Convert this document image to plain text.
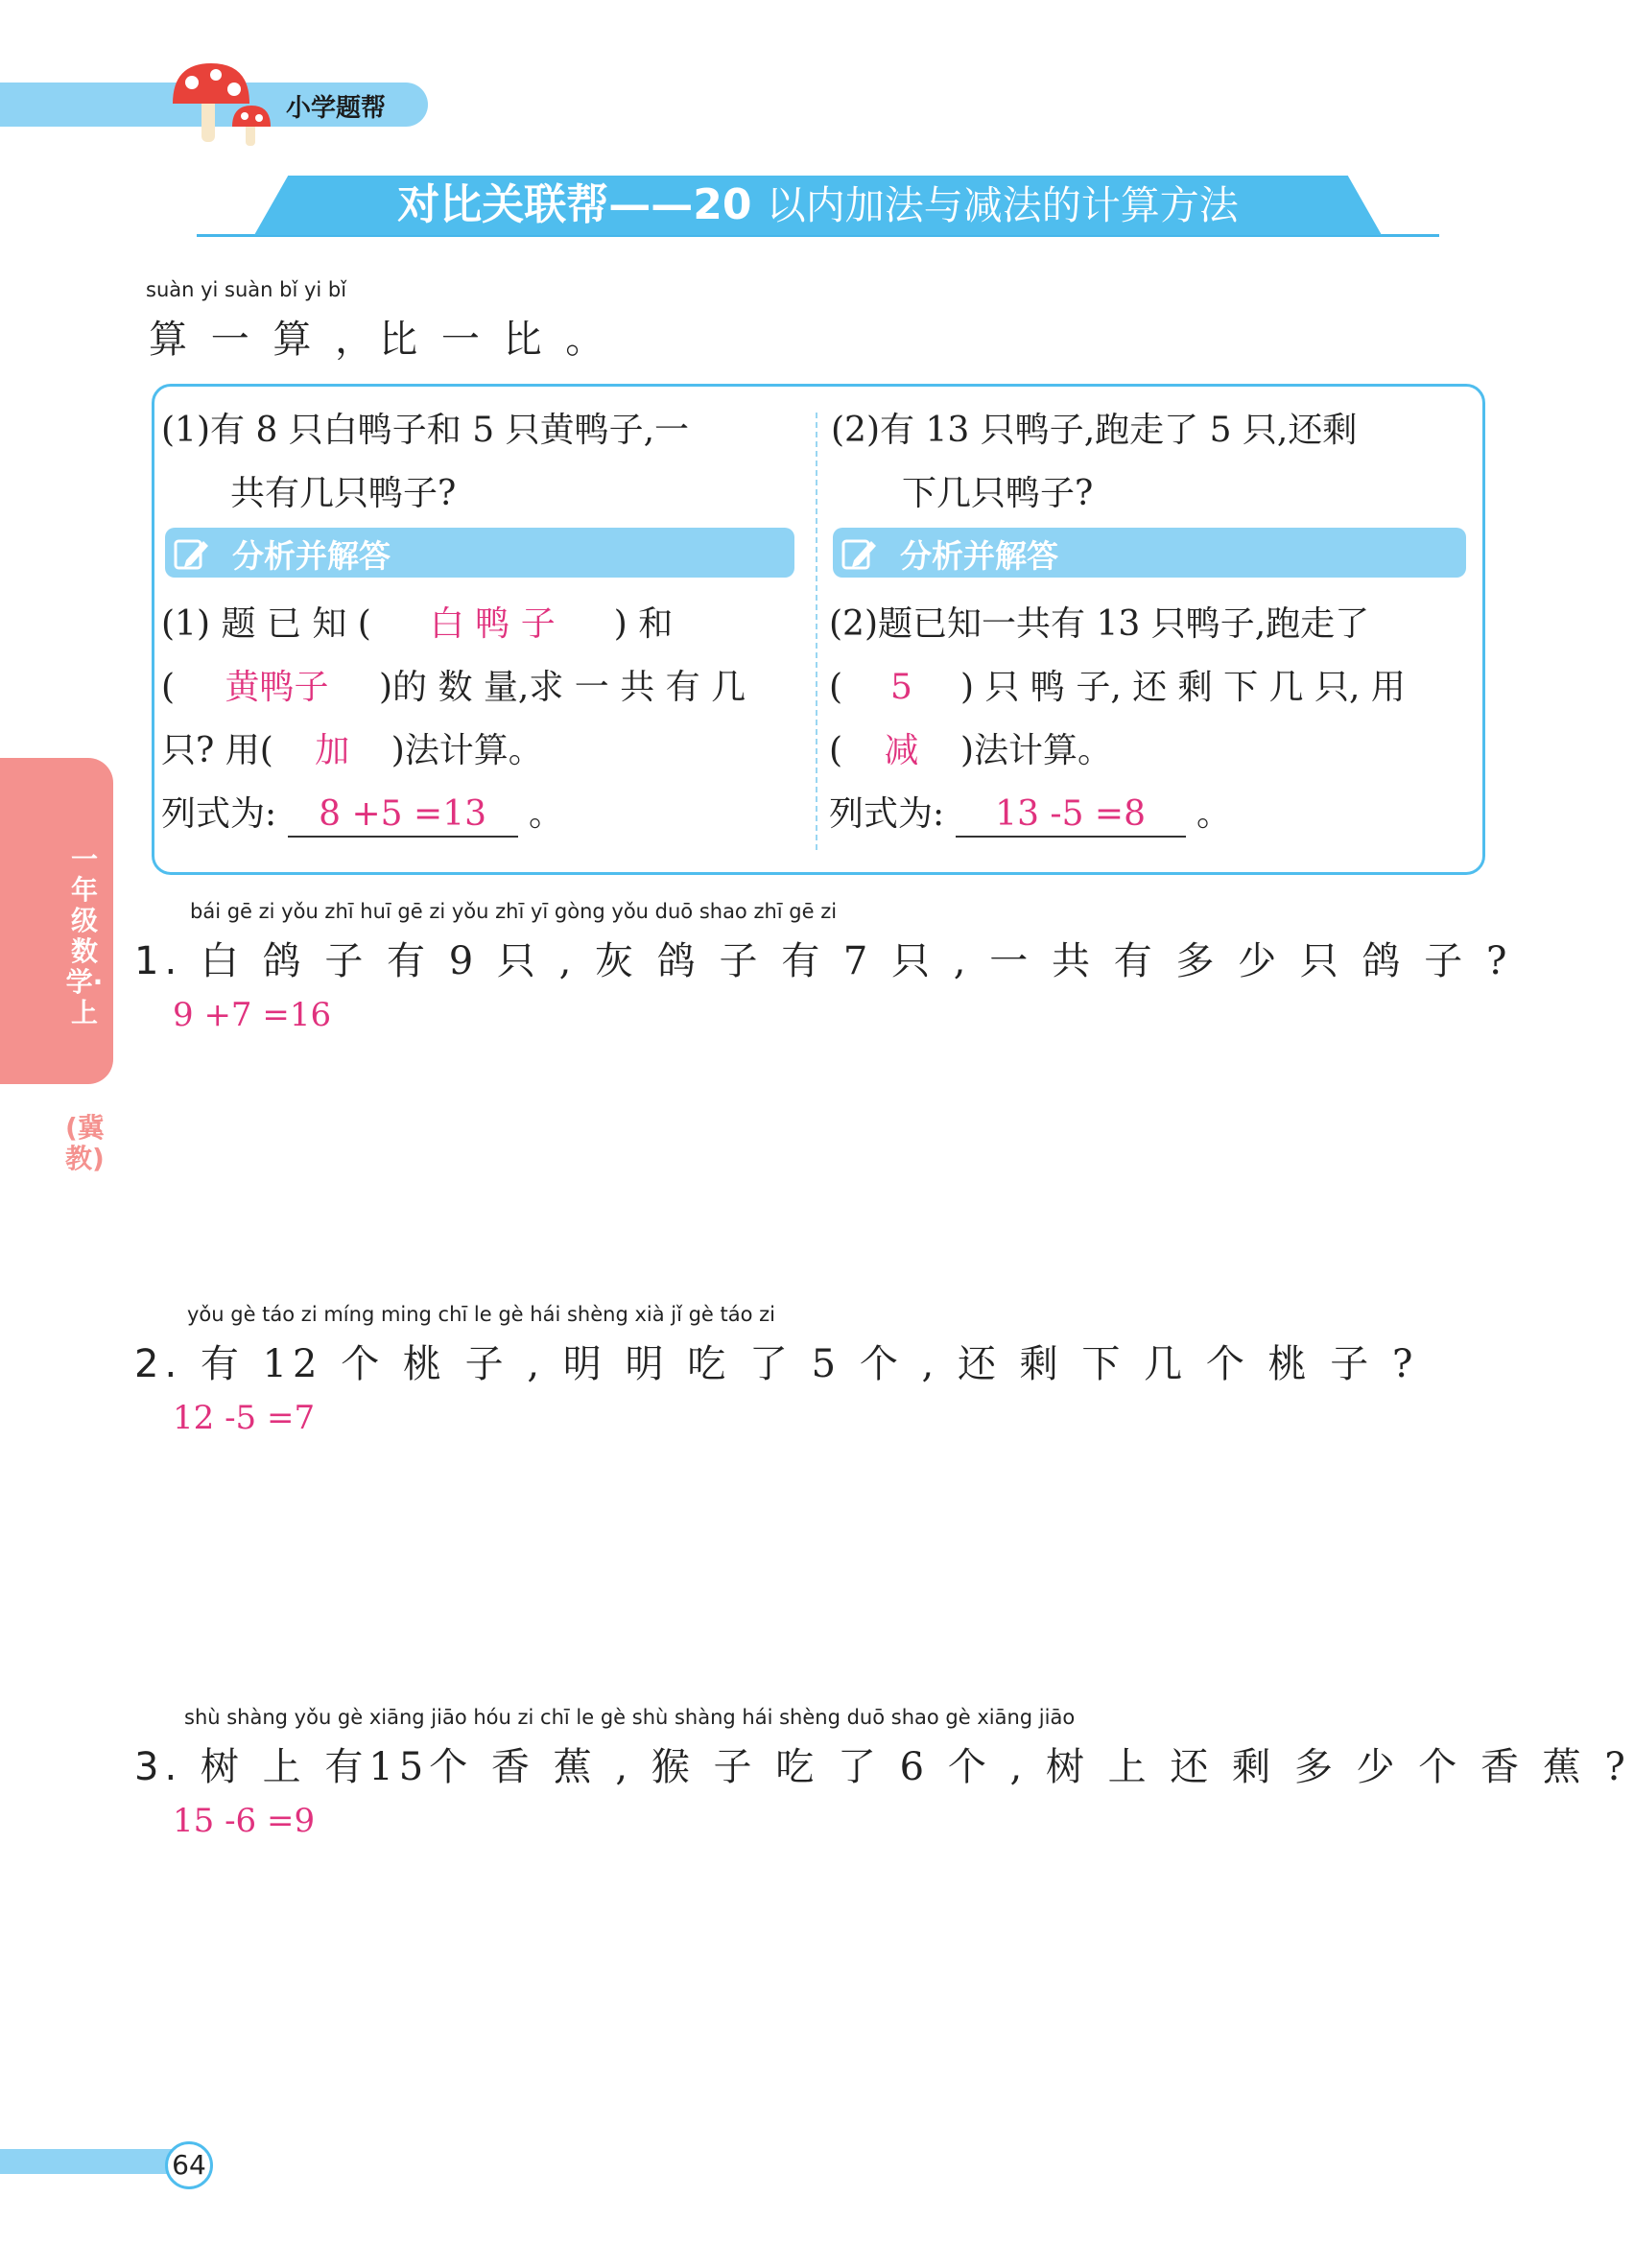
小学题帮
对比关联帮——20 以内加法与减法的计算方法
suàn yi suàn bǐ yi bǐ
算 一 算 ，比 一 比 。
(1)有 8 只白鸭子和 5 只黄鸭子,一
共有几只鸭子?
分析并解答
(1) 题 已 知 ( 白 鸭 子 ) 和
( 黄鸭子 )的 数 量,求 一 共 有 几
只? 用( 加 )法计算。
列式为: 8 +5 =13 。
(2)有 13 只鸭子,跑走了 5 只,还剩
下几只鸭子?
分析并解答
(2)题已知一共有 13 只鸭子,跑走了
( 5 ) 只 鸭 子, 还 剩 下 几 只, 用
( 减 )法计算。
列式为: 13 -5 =8 。
一年级数学·上
(冀教)
bái gē zi yǒu zhī huī gē zi yǒu zhī yī gòng yǒu duō shao zhī gē zi
1. 白 鸽 子 有 9 只 , 灰 鸽 子 有 7 只 , 一 共 有 多 少 只 鸽 子 ?
9 +7 =16
yǒu gè táo zi míng ming chī le gè hái shèng xià jǐ gè táo zi
2. 有 12 个 桃 子 , 明 明 吃 了 5 个 , 还 剩 下 几 个 桃 子 ?
12 -5 =7
shù shàng yǒu gè xiāng jiāo hóu zi chī le gè shù shàng hái shèng duō shao gè xiāng jiāo
3. 树 上 有15个 香 蕉 , 猴 子 吃 了 6 个 , 树 上 还 剩 多 少 个 香 蕉 ?
15 -6 =9
64
